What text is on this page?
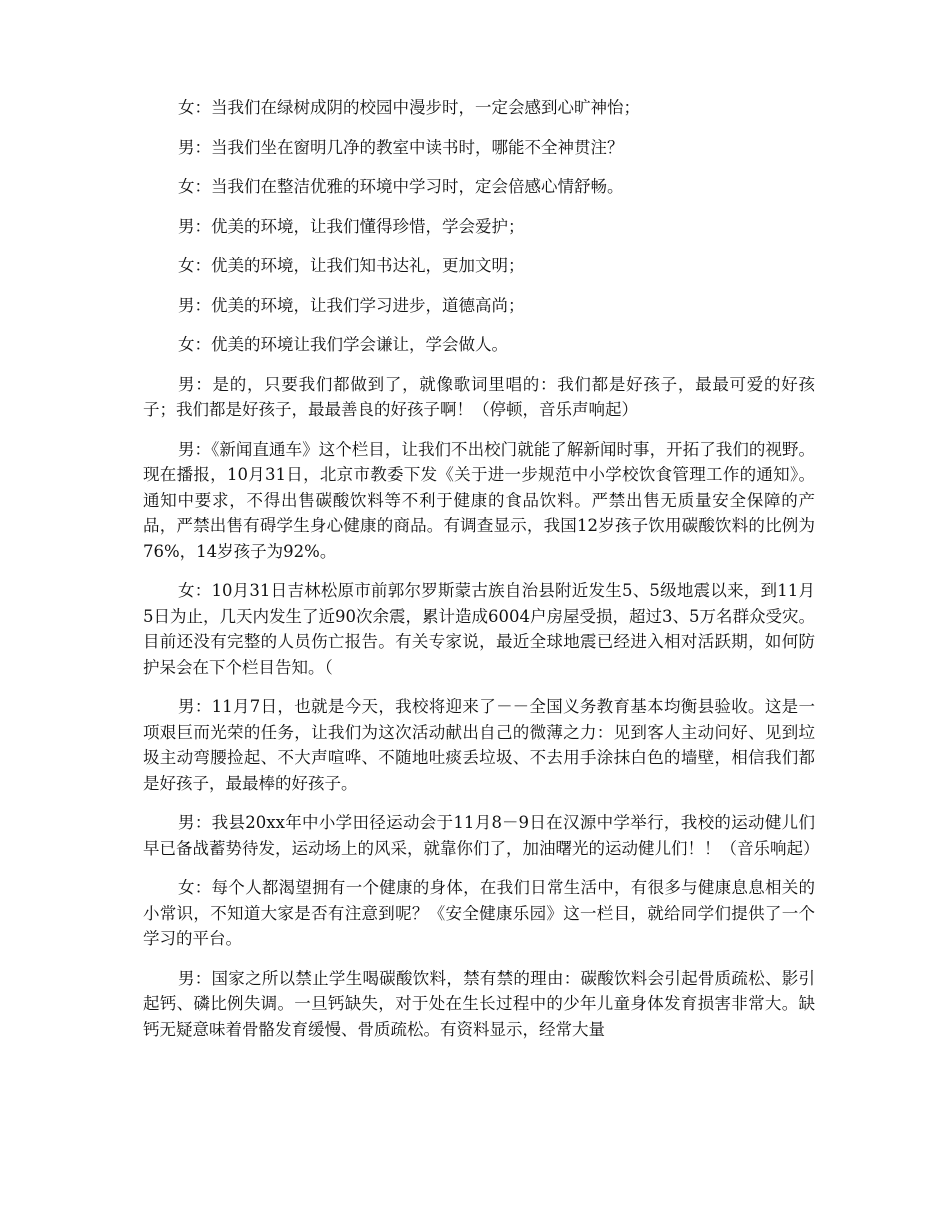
女：当我们在绿树成阴的校园中漫步时，一定会感到心旷神怡；

男：当我们坐在窗明几净的教室中读书时，哪能不全神贯注？

女：当我们在整洁优雅的环境中学习时，定会倍感心情舒畅。

男：优美的环境，让我们懂得珍惜，学会爱护；

女：优美的环境，让我们知书达礼，更加文明；

男：优美的环境，让我们学习进步，道德高尚；

女：优美的环境让我们学会谦让，学会做人。

男：是的，只要我们都做到了，就像歌词里唱的：我们都是好孩子，最最可爱的好孩子；我们都是好孩子，最最善良的好孩子啊！（停顿，音乐声响起）

男：《新闻直通车》这个栏目，让我们不出校门就能了解新闻时事，开拓了我们的视野。现在播报，10月31日，北京市教委下发《关于进一步规范中小学校饮食管理工作的通知》。通知中要求，不得出售碳酸饮料等不利于健康的食品饮料。严禁出售无质量安全保障的产品，严禁出售有碍学生身心健康的商品。有调查显示，我国12岁孩子饮用碳酸饮料的比例为76%，14岁孩子为92%。

女：10月31日吉林松原市前郭尔罗斯蒙古族自治县附近发生5、5级地震以来，到11月5日为止，几天内发生了近90次余震，累计造成6004户房屋受损，超过3、5万名群众受灾。目前还没有完整的人员伤亡报告。有关专家说，最近全球地震已经进入相对活跃期，如何防护呆会在下个栏目告知。（

男：11月7日，也就是今天，我校将迎来了－－全国义务教育基本均衡县验收。这是一项艰巨而光荣的任务，让我们为这次活动献出自己的微薄之力：见到客人主动问好、见到垃圾主动弯腰捡起、不大声喧哗、不随地吐痰丢垃圾、不去用手涂抹白色的墙壁，相信我们都是好孩子，最最棒的好孩子。

男：我县20xx年中小学田径运动会于11月8－9日在汉源中学举行，我校的运动健儿们早已备战蓄势待发，运动场上的风采，就靠你们了，加油曙光的运动健儿们！！（音乐响起）

女：每个人都渴望拥有一个健康的身体，在我们日常生活中，有很多与健康息息相关的小常识，不知道大家是否有注意到呢？《安全健康乐园》这一栏目，就给同学们提供了一个学习的平台。

男：国家之所以禁止学生喝碳酸饮料，禁有禁的理由：碳酸饮料会引起骨质疏松、影引起钙、磷比例失调。一旦钙缺失，对于处在生长过程中的少年儿童身体发育损害非常大。缺钙无疑意味着骨骼发育缓慢、骨质疏松。有资料显示，经常大量
